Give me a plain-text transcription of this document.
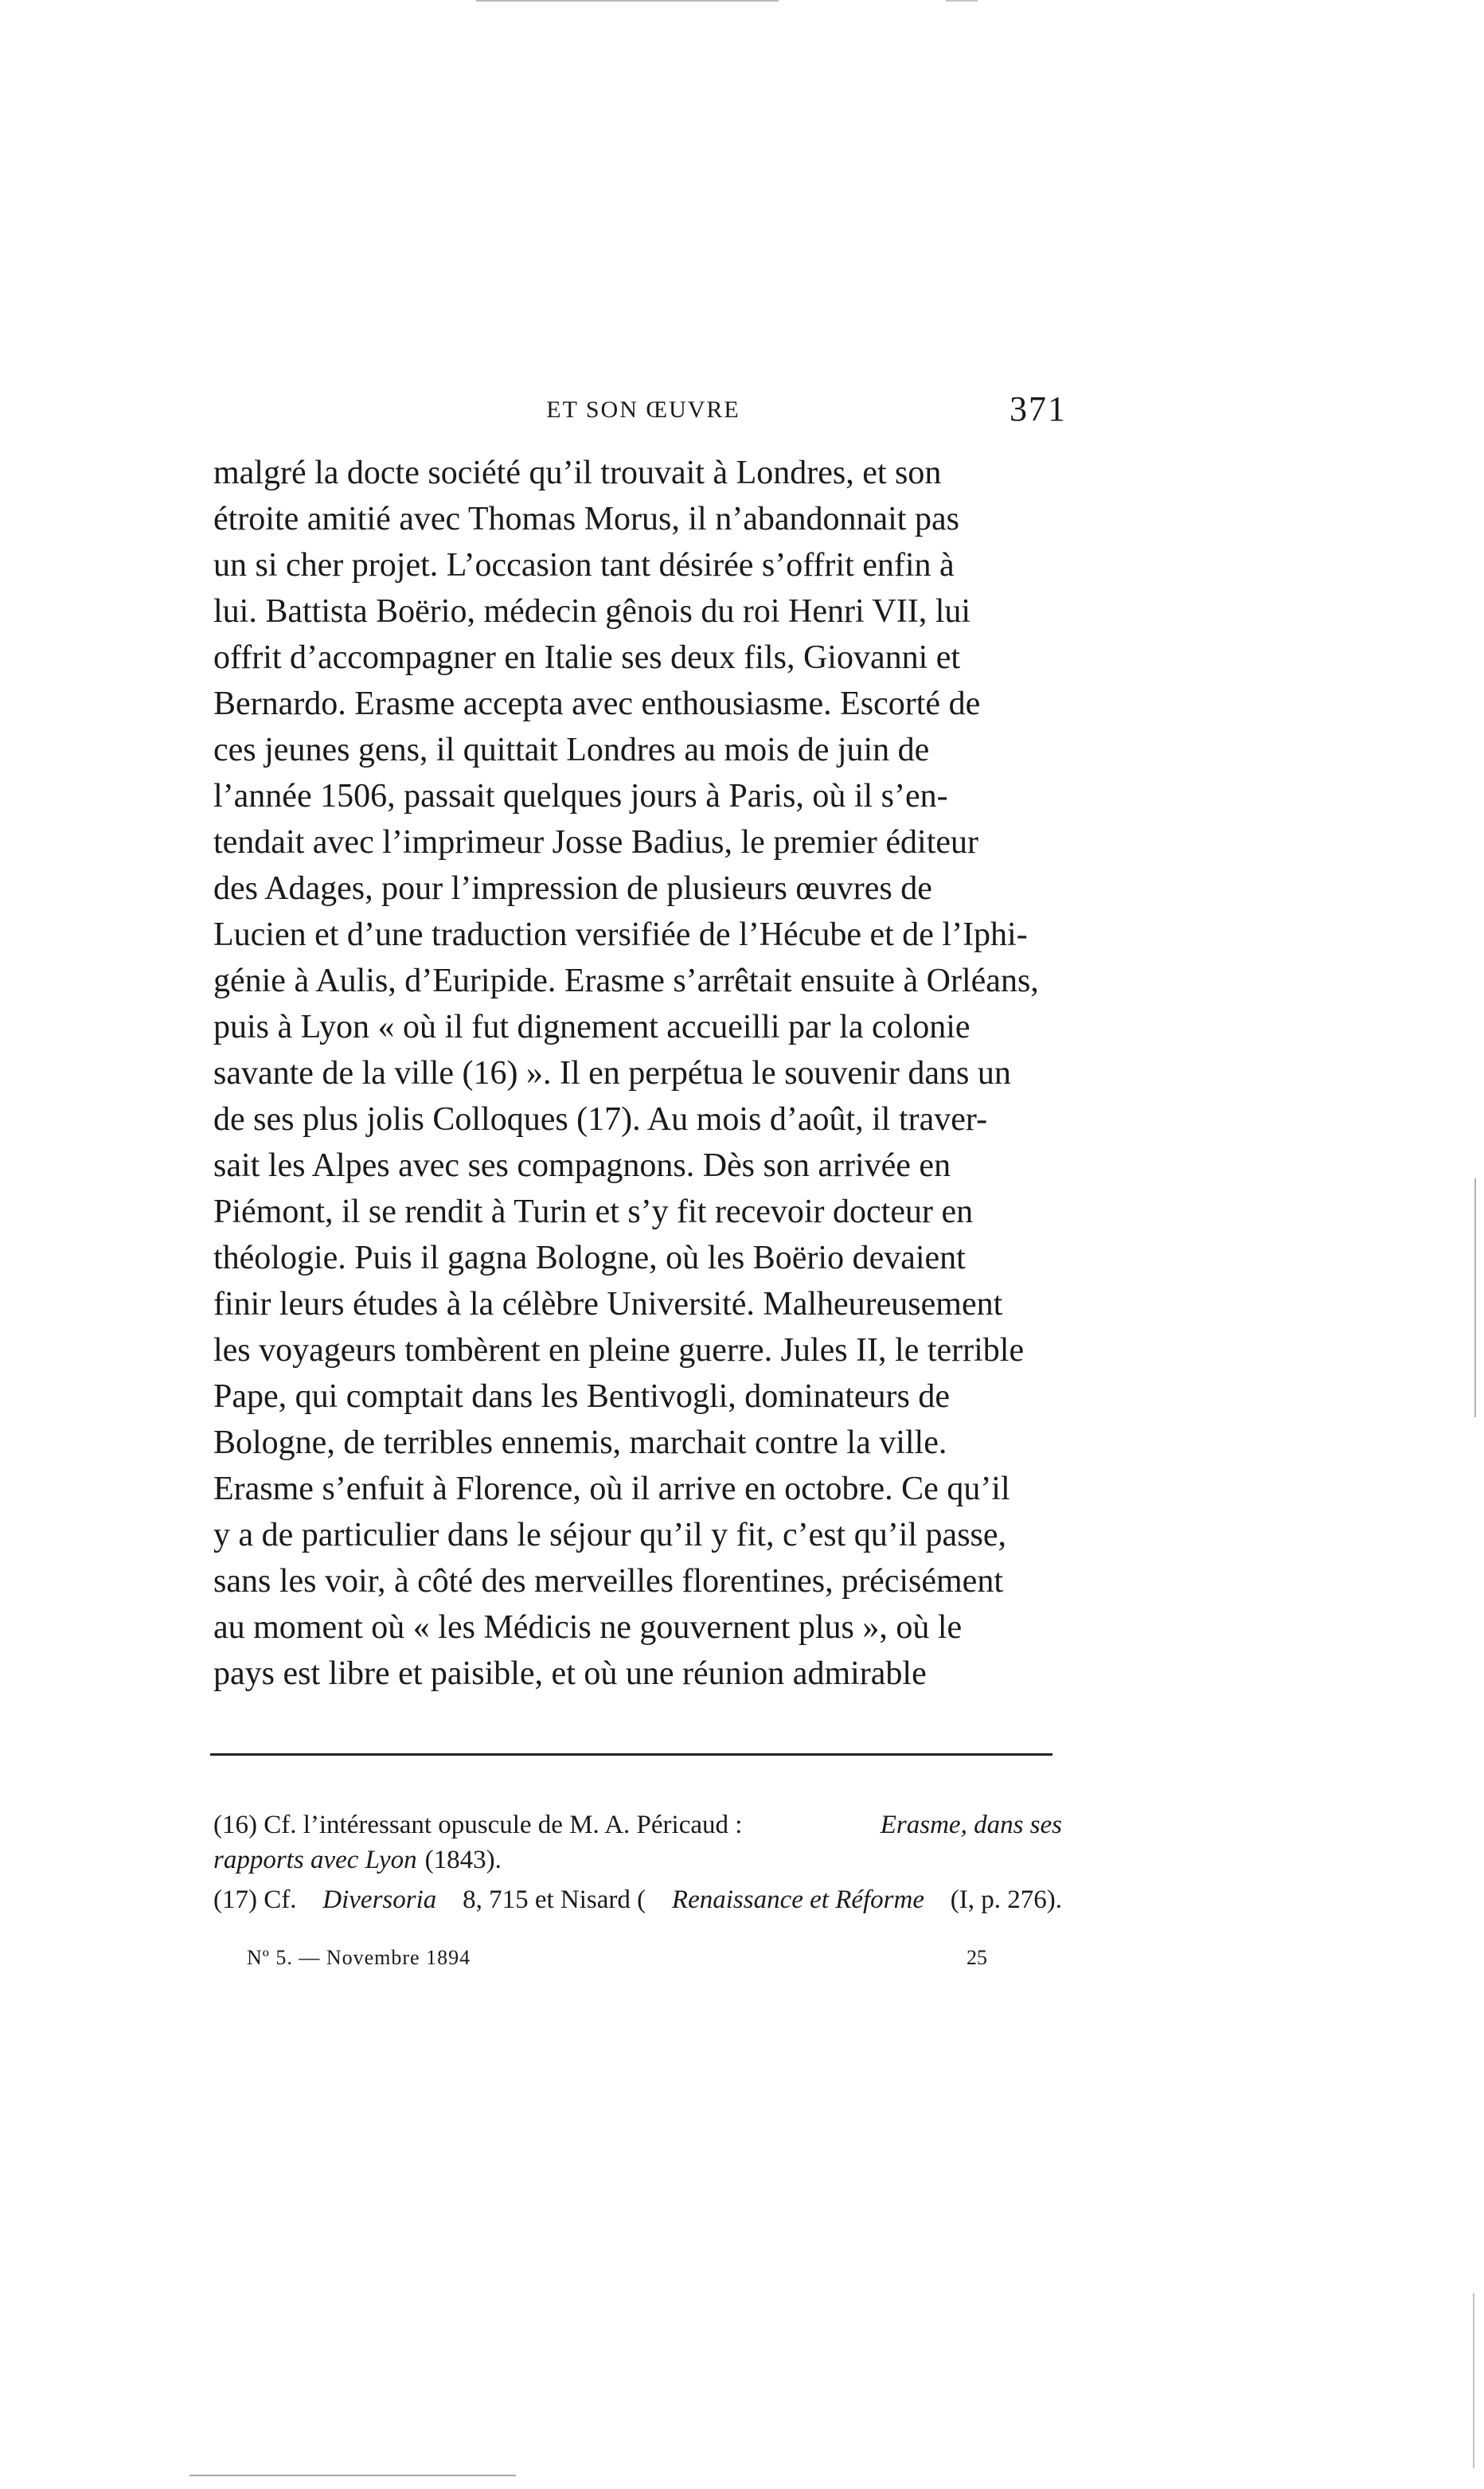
ET SON ŒUVRE	371
malgré la docte société qu’il trouvait à Londres, et son
étroite amitié avec Thomas Morus, il n’abandonnait pas
un si cher projet. L’occasion tant désirée s’offrit enfin à
lui. Battista Boërio, médecin gênois du roi Henri VII, lui
offrit d’accompagner en Italie ses deux fils, Giovanni et
Bernardo. Erasme accepta avec enthousiasme. Escorté de
ces jeunes gens, il quittait Londres au mois de juin de
l’année 1506, passait quelques jours à Paris, où il s’en-
tendait avec l’imprimeur Josse Badius, le premier éditeur
des Adages, pour l’impression de plusieurs œuvres de
Lucien et d’une traduction versifiée de l’Hécube et de l’Iphi-
génie à Aulis, d’Euripide. Erasme s’arrêtait ensuite à Orléans,
puis à Lyon « où il fut dignement accueilli par la colonie
savante de la ville (16) ». Il en perpétua le souvenir dans un
de ses plus jolis Colloques (17). Au mois d’août, il traver-
sait les Alpes avec ses compagnons. Dès son arrivée en
Piémont, il se rendit à Turin et s’y fit recevoir docteur en
théologie. Puis il gagna Bologne, où les Boërio devaient
finir leurs études à la célèbre Université. Malheureusement
les voyageurs tombèrent en pleine guerre. Jules II, le terrible
Pape, qui comptait dans les Bentivogli, dominateurs de
Bologne, de terribles ennemis, marchait contre la ville.
Erasme s’enfuit à Florence, où il arrive en octobre. Ce qu’il
y a de particulier dans le séjour qu’il y fit, c’est qu’il passe,
sans les voir, à côté des merveilles florentines, précisément
au moment où « les Médicis ne gouvernent plus », où le
pays est libre et paisible, et où une réunion admirable
(16) Cf. l’intéressant opuscule de M. A. Péricaud :	Erasme, dans ses
rapports avec Lyon (1843).
(17) Cf. Diversoria 8, 715 et Nisard ( Renaissance et Réforme (I, p. 276).
Nº 5. — Novembre 1894	25
